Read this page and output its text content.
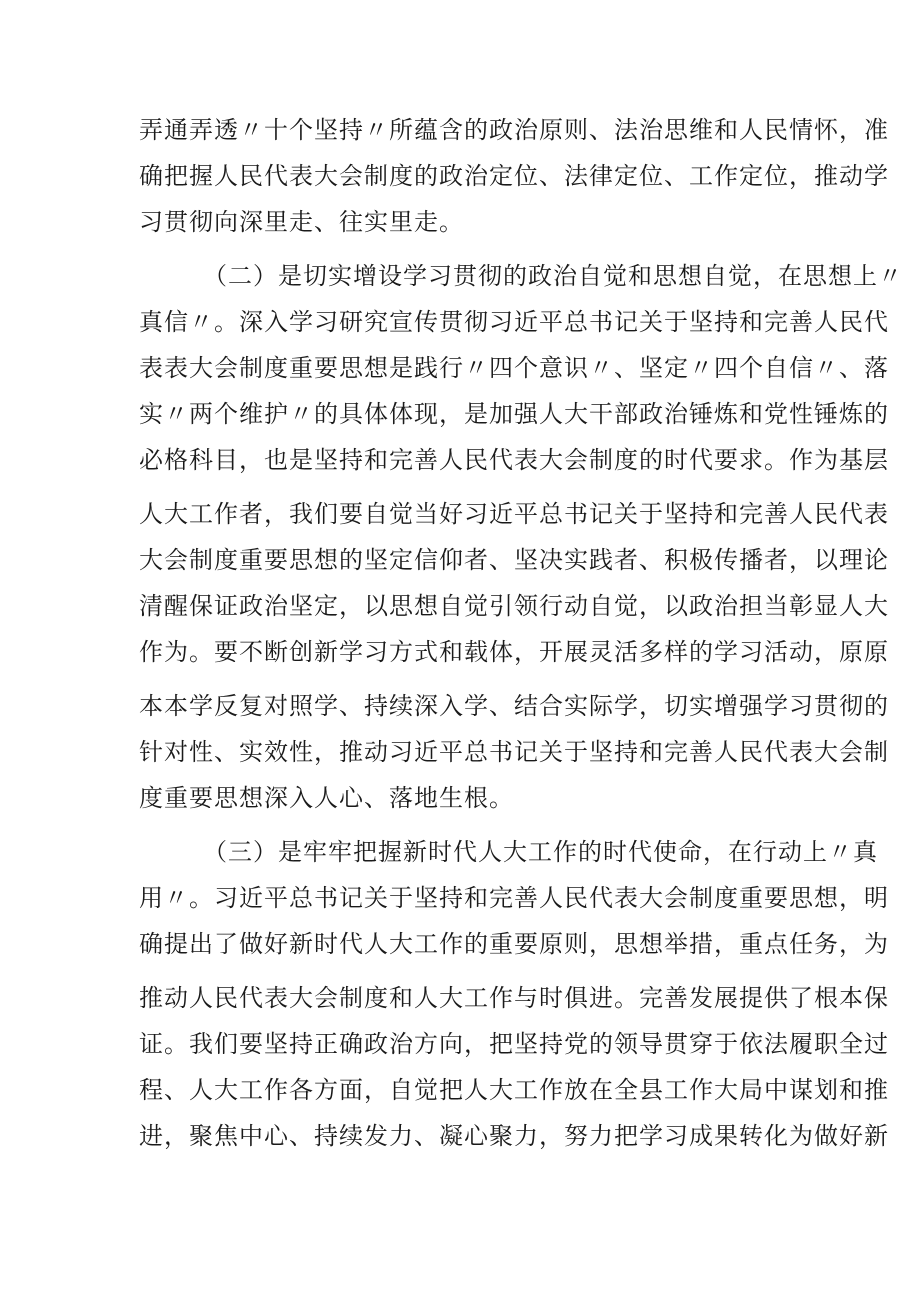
弄通弄透〃十个坚持〃所蕴含的政治原则、法治思维和人民情怀，准
确把握人民代表大会制度的政治定位、法律定位、工作定位，推动学
习贯彻向深里走、往实里走。
（二）是切实增设学习贯彻的政治自觉和思想自觉，在思想上〃
真信〃。深入学习研究宣传贯彻习近平总书记关于坚持和完善人民代
表表大会制度重要思想是践行〃四个意识〃、坚定〃四个自信〃、落
实〃两个维护〃的具体体现，是加强人大干部政治锤炼和党性锤炼的
必格科目，也是坚持和完善人民代表大会制度的时代要求。作为基层
人大工作者，我们要自觉当好习近平总书记关于坚持和完善人民代表
大会制度重要思想的坚定信仰者、坚决实践者、积极传播者，以理论
清醒保证政治坚定，以思想自觉引领行动自觉，以政治担当彰显人大
作为。要不断创新学习方式和载体，开展灵活多样的学习活动，原原
本本学反复对照学、持续深入学、结合实际学，切实增强学习贯彻的
针对性、实效性，推动习近平总书记关于坚持和完善人民代表大会制
度重要思想深入人心、落地生根。
（三）是牢牢把握新时代人大工作的时代使命，在行动上〃真
用〃。习近平总书记关于坚持和完善人民代表大会制度重要思想，明
确提出了做好新时代人大工作的重要原则，思想举措，重点任务，为
推动人民代表大会制度和人大工作与时俱进。完善发展提供了根本保
证。我们要坚持正确政治方向，把坚持党的领导贯穿于依法履职全过
程、人大工作各方面，自觉把人大工作放在全县工作大局中谋划和推
进，聚焦中心、持续发力、凝心聚力，努力把学习成果转化为做好新
